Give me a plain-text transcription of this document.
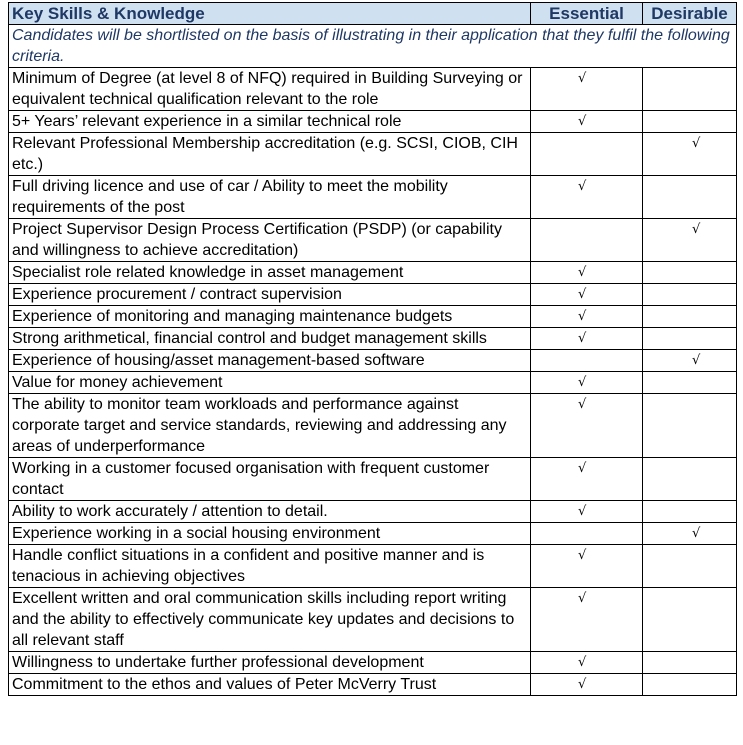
Key Skills & Knowledge	Essential	Desirable
Candidates will be shortlisted on the basis of illustrating in their application that they fulfil the following criteria.		
Minimum of Degree (at level 8 of NFQ) required in Building Surveying or equivalent technical qualification relevant to the role	√	
5+ Years’ relevant experience in a similar technical role	√	
Relevant Professional Membership accreditation (e.g. SCSI, CIOB, CIH etc.)		√
Full driving licence and use of car / Ability to meet the mobility requirements of the post	√	
Project Supervisor Design Process Certification (PSDP) (or capability and willingness to achieve accreditation)		√
Specialist role related knowledge in asset management	√	
Experience procurement / contract supervision	√	
Experience of monitoring and managing maintenance budgets	√	
Strong arithmetical, financial control and budget management skills	√	
Experience of housing/asset management-based software		√
Value for money achievement	√	
The ability to monitor team workloads and performance against corporate target and service standards, reviewing and addressing any areas of underperformance	√	
Working in a customer focused organisation with frequent customer contact	√	
Ability to work accurately / attention to detail.	√	
Experience working in a social housing environment		√
Handle conflict situations in a confident and positive manner and is tenacious in achieving objectives	√	
Excellent written and oral communication skills including report writing and the ability to effectively communicate key updates and decisions to all relevant staff	√	
Willingness to undertake further professional development	√	
Commitment to the ethos and values of Peter McVerry Trust	√	
